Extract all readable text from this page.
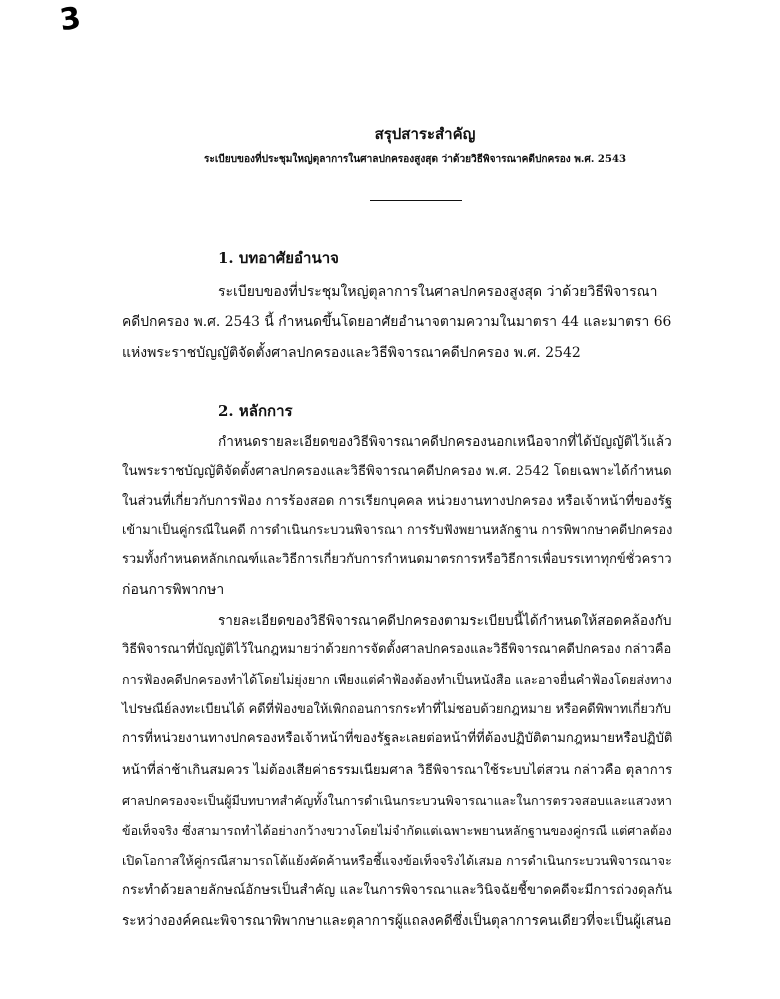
3
สรุปสาระสำคัญ
ระเบียบของที่ประชุมใหญ่ตุลาการในศาลปกครองสูงสุด ว่าด้วยวิธีพิจารณาคดีปกครอง พ.ศ. 2543
1. บทอาศัยอำนาจ
ระเบียบของที่ประชุมใหญ่ตุลาการในศาลปกครองสูงสุด ว่าด้วยวิธีพิจารณา
คดีปกครอง พ.ศ. 2543 นี้ กำหนดขึ้นโดยอาศัยอำนาจตามความในมาตรา 44 และมาตรา 66
แห่งพระราชบัญญัติจัดตั้งศาลปกครองและวิธีพิจารณาคดีปกครอง พ.ศ. 2542
2. หลักการ
กำหนดรายละเอียดของวิธีพิจารณาคดีปกครองนอกเหนือจากที่ได้บัญญัติไว้แล้ว
ในพระราชบัญญัติจัดตั้งศาลปกครองและวิธีพิจารณาคดีปกครอง พ.ศ. 2542 โดยเฉพาะได้กำหนด
ในส่วนที่เกี่ยวกับการฟ้อง การร้องสอด การเรียกบุคคล หน่วยงานทางปกครอง หรือเจ้าหน้าที่ของรัฐ
เข้ามาเป็นคู่กรณีในคดี การดำเนินกระบวนพิจารณา การรับฟังพยานหลักฐาน การพิพากษาคดีปกครอง
รวมทั้งกำหนดหลักเกณฑ์และวิธีการเกี่ยวกับการกำหนดมาตรการหรือวิธีการเพื่อบรรเทาทุกข์ชั่วคราว
ก่อนการพิพากษา
รายละเอียดของวิธีพิจารณาคดีปกครองตามระเบียบนี้ได้กำหนดให้สอดคล้องกับ
วิธีพิจารณาที่บัญญัติไว้ในกฎหมายว่าด้วยการจัดตั้งศาลปกครองและวิธีพิจารณาคดีปกครอง กล่าวคือ
การฟ้องคดีปกครองทำได้โดยไม่ยุ่งยาก เพียงแต่คำฟ้องต้องทำเป็นหนังสือ และอาจยื่นคำฟ้องโดยส่งทาง
ไปรษณีย์ลงทะเบียนได้ คดีที่ฟ้องขอให้เพิกถอนการกระทำที่ไม่ชอบด้วยกฎหมาย หรือคดีพิพาทเกี่ยวกับ
การที่หน่วยงานทางปกครองหรือเจ้าหน้าที่ของรัฐละเลยต่อหน้าที่ที่ต้องปฏิบัติตามกฎหมายหรือปฏิบัติ
หน้าที่ล่าช้าเกินสมควร ไม่ต้องเสียค่าธรรมเนียมศาล วิธีพิจารณาใช้ระบบไต่สวน กล่าวคือ ตุลาการ
ศาลปกครองจะเป็นผู้มีบทบาทสำคัญทั้งในการดำเนินกระบวนพิจารณาและในการตรวจสอบและแสวงหา
ข้อเท็จจริง ซึ่งสามารถทำได้อย่างกว้างขวางโดยไม่จำกัดแต่เฉพาะพยานหลักฐานของคู่กรณี แต่ศาลต้อง
เปิดโอกาสให้คู่กรณีสามารถโต้แย้งคัดค้านหรือชี้แจงข้อเท็จจริงได้เสมอ การดำเนินกระบวนพิจารณาจะ
กระทำด้วยลายลักษณ์อักษรเป็นสำคัญ และในการพิจารณาและวินิจฉัยชี้ขาดคดีจะมีการถ่วงดุลกัน
ระหว่างองค์คณะพิจารณาพิพากษาและตุลาการผู้แถลงคดีซึ่งเป็นตุลาการคนเดียวที่จะเป็นผู้เสนอ
